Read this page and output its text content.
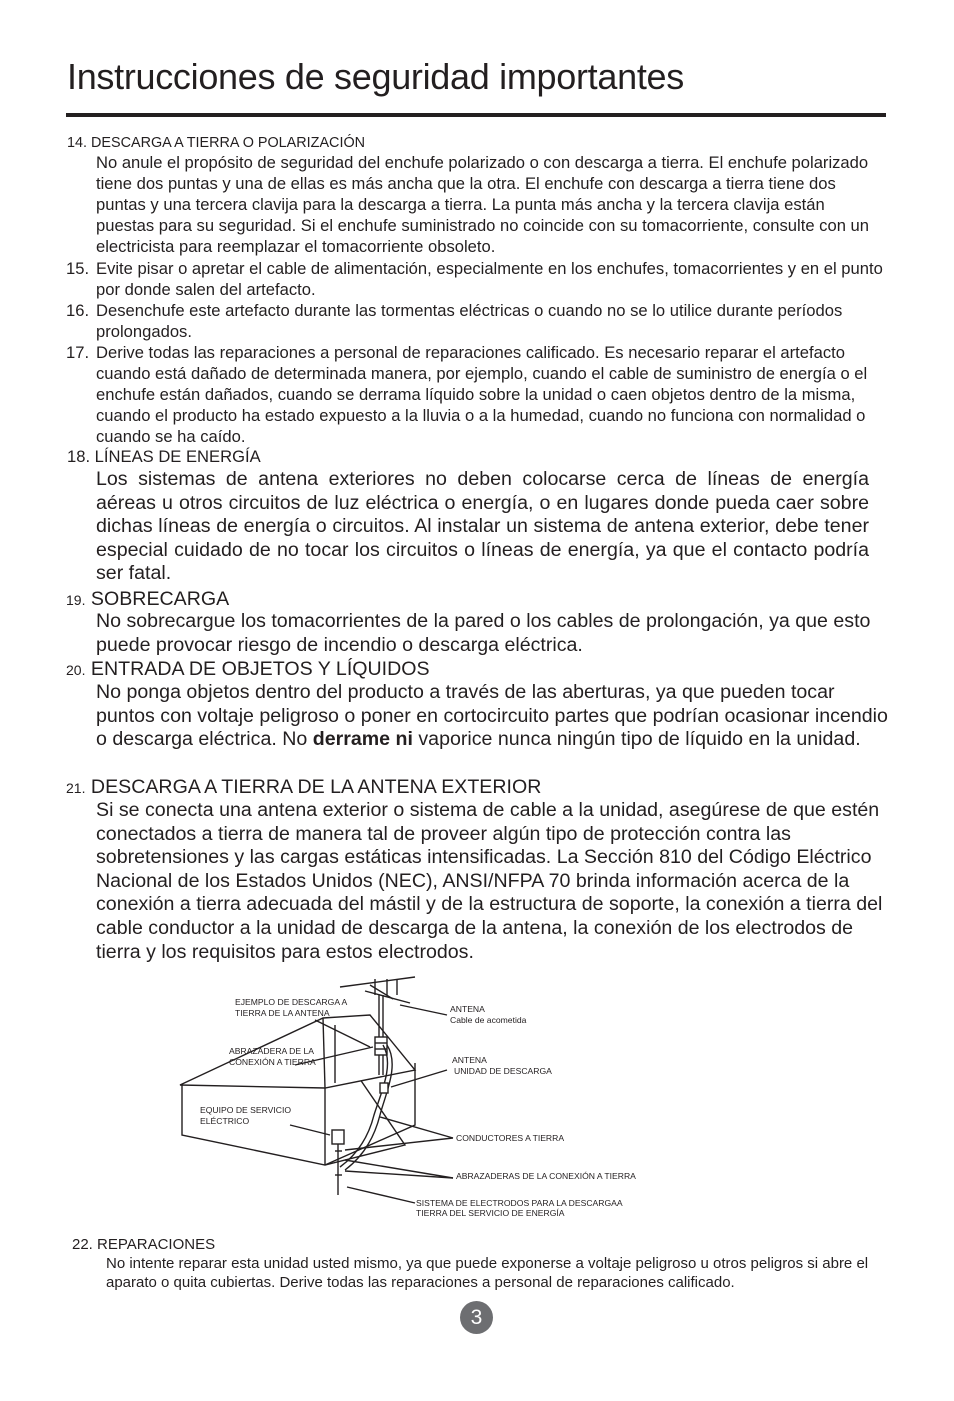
Instrucciones de seguridad importantes
14. DESCARGA A TIERRA O POLARIZACIÓN
No anule el propósito de seguridad del enchufe polarizado o con descarga a tierra. El enchufe polarizado tiene dos puntas y una de ellas es más ancha que la otra. El enchufe con descarga a tierra tiene dos puntas y una tercera clavija para la descarga a tierra. La punta más ancha y la tercera clavija están puestas para su seguridad. Si el enchufe suministrado no coincide con su tomacorriente, consulte con un electricista para reemplazar el tomacorriente obsoleto.
15. Evite pisar o apretar el cable de alimentación, especialmente en los enchufes, tomacorrientes y en el punto por donde salen del artefacto.
16. Desenchufe este artefacto durante las tormentas eléctricas o cuando no se lo utilice durante períodos prolongados.
17. Derive todas las reparaciones a personal de reparaciones calificado. Es necesario reparar el artefacto cuando está dañado de determinada manera, por ejemplo, cuando el cable de suministro de energía o el enchufe están dañados, cuando se derrama líquido sobre la unidad o caen objetos dentro de la misma, cuando el producto ha estado expuesto a la lluvia o a la humedad, cuando no funciona con normalidad o cuando se ha caído.
18. LÍNEAS DE ENERGÍA
Los sistemas de antena exteriores no deben colocarse cerca de líneas de energía aéreas u otros circuitos de luz eléctrica o energía, o en lugares donde pueda caer sobre dichas líneas de energía o circuitos. Al instalar un sistema de antena exterior, debe tener especial cuidado de no tocar los circuitos o líneas de energía, ya que el contacto podría ser fatal.
19. SOBRECARGA
No sobrecargue los tomacorrientes de la pared o los cables de prolongación, ya que esto puede provocar riesgo de incendio o descarga eléctrica.
20. ENTRADA DE OBJETOS Y LÍQUIDOS
No ponga objetos dentro del producto a través de las aberturas, ya que pueden tocar puntos con voltaje peligroso o poner en cortocircuito partes que podrían ocasionar incendio o descarga eléctrica. No derrame ni vaporice nunca ningún tipo de líquido en la unidad.
21. DESCARGA A TIERRA DE LA ANTENA EXTERIOR
Si se conecta una antena exterior o sistema de cable a la unidad, asegúrese de que estén conectados a tierra de manera tal de proveer algún tipo de protección contra las sobretensiones y las cargas estáticas intensificadas. La Sección 810 del Código Eléctrico Nacional de los Estados Unidos (NEC), ANSI/NFPA 70 brinda información acerca de la conexión a tierra adecuada del mástil y de la estructura de soporte, la conexión a tierra del cable conductor a la unidad de descarga de la antena, la conexión de los electrodos de tierra y los requisitos para estos electrodos.
EJEMPLO DE DESCARGA A
TIERRA DE LA ANTENA	ANTENA
Cable de acometida
ABRAZADERA DE LA
CONEXIÓN A TIERRA	ANTENA
UNIDAD DE DESCARGA
EQUIPO DE SERVICIO
ELÉCTRICO
CONDUCTORES A TIERRA
ABRAZADERAS DE LA CONEXIÓN A TIERRA
SISTEMA DE ELECTRODOS PARA LA DESCARGAA
TIERRA DEL SERVICIO DE ENERGÍA
22. REPARACIONES
No intente reparar esta unidad usted mismo, ya que puede exponerse a voltaje peligroso u otros peligros si abre el aparato o quita cubiertas. Derive todas las reparaciones a personal de reparaciones calificado.
3
